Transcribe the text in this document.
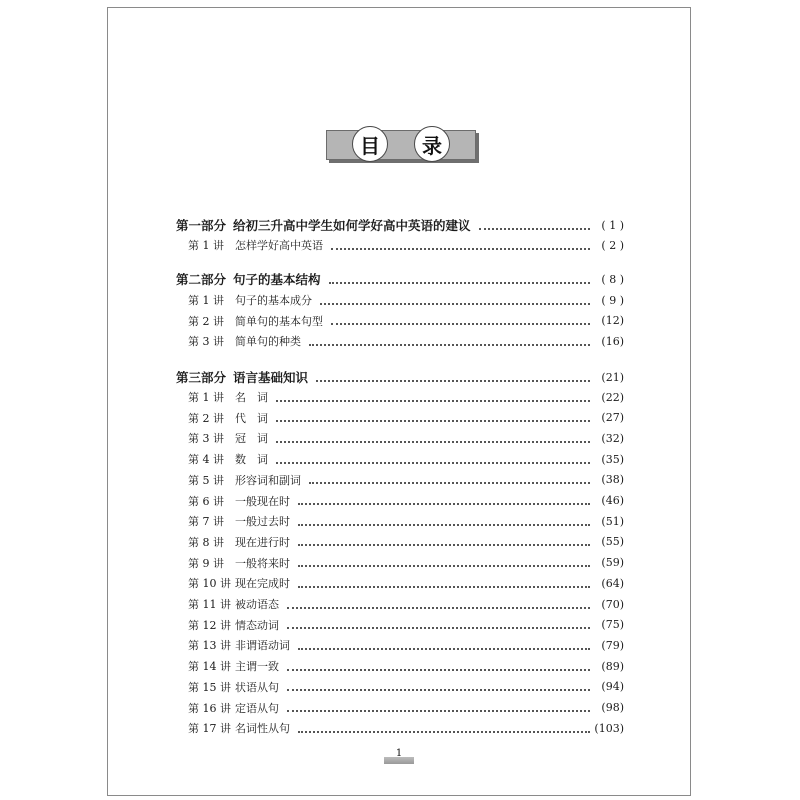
目	录
第一部分 给初三升高中学生如何学好高中英语的建议	( 1 )
第 1 讲	怎样学好高中英语	( 2 )
第二部分 句子的基本结构	( 8 )
第 1 讲	句子的基本成分	( 9 )
第 2 讲	简单句的基本句型	(12)
第 3 讲	简单句的种类	(16)
第三部分 语言基础知识	(21)
第 1 讲	名　词	(22)
第 2 讲	代　词	(27)
第 3 讲	冠　词	(32)
第 4 讲	数　词	(35)
第 5 讲	形容词和副词	(38)
第 6 讲	一般现在时	(46)
第 7 讲	一般过去时	(51)
第 8 讲	现在进行时	(55)
第 9 讲	一般将来时	(59)
第 10 讲 现在完成时	(64)
第 11 讲 被动语态	(70)
第 12 讲 情态动词	(75)
第 13 讲 非谓语动词	(79)
第 14 讲 主谓一致	(89)
第 15 讲 状语从句	(94)
第 16 讲 定语从句	(98)
第 17 讲 名词性从句	(103)
1
